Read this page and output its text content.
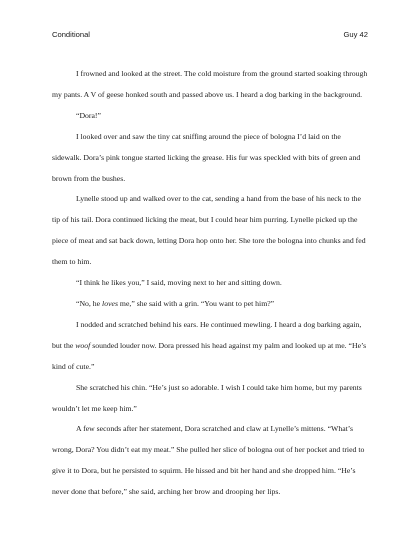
Conditional	Guy 42

I frowned and looked at the street. The cold moisture from the ground started soaking through my pants. A V of geese honked south and passed above us. I heard a dog barking in the background.

“Dora!”

I looked over and saw the tiny cat sniffing around the piece of bologna I’d laid on the sidewalk. Dora’s pink tongue started licking the grease. His fur was speckled with bits of green and brown from the bushes.

Lynelle stood up and walked over to the cat, sending a hand from the base of his neck to the tip of his tail. Dora continued licking the meat, but I could hear him purring. Lynelle picked up the piece of meat and sat back down, letting Dora hop onto her. She tore the bologna into chunks and fed them to him.

“I think he likes you,” I said, moving next to her and sitting down.

“No, he loves me,” she said with a grin. “You want to pet him?”

I nodded and scratched behind his ears. He continued mewling. I heard a dog barking again, but the woof sounded louder now. Dora pressed his head against my palm and looked up at me. “He’s kind of cute.”

She scratched his chin. “He’s just so adorable. I wish I could take him home, but my parents wouldn’t let me keep him.”

A few seconds after her statement, Dora scratched and claw at Lynelle’s mittens. “What’s wrong, Dora? You didn’t eat my meat.” She pulled her slice of bologna out of her pocket and tried to give it to Dora, but he persisted to squirm. He hissed and bit her hand and she dropped him. “He’s never done that before,” she said, arching her brow and drooping her lips.
